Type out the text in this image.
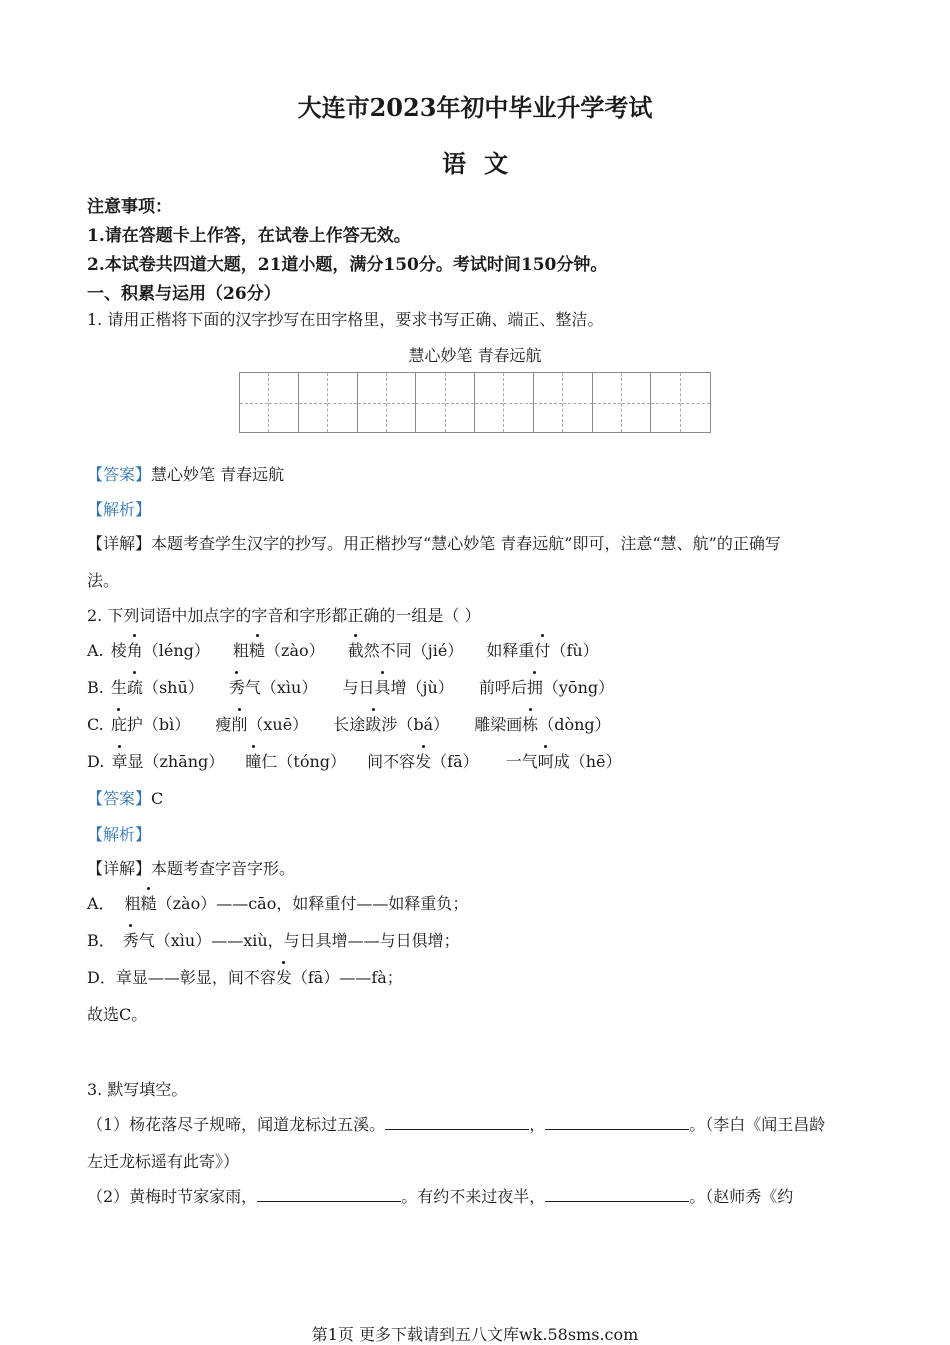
大连市2023年初中毕业升学考试
语文
注意事项：
1.请在答题卡上作答，在试卷上作答无效。
2.本试卷共四道大题，21道小题，满分150分。考试时间150分钟。
一、积累与运用（26分）
1. 请用正楷将下面的汉字抄写在田字格里，要求书写正确、端正、整洁。
慧心妙笔 青春远航
【答案】慧心妙笔 青春远航
【解析】
【详解】本题考查学生汉字的抄写。用正楷抄写“慧心妙笔 青春远航”即可，注意“慧、航”的正确写
法。
2. 下列词语中加点字的字音和字形都正确的一组是（ ）
A. 棱角（léng） 粗糙（zào） 截然不同（jié） 如释重付（fù）
B. 生疏（shū） 秀气（xìu） 与日具增（jù） 前呼后拥（yōng）
C. 庇护（bì） 瘦削（xuē） 长途跋涉（bá） 雕梁画栋（dòng）
D. 章显（zhāng） 瞳仁（tóng） 间不容发（fā） 一气呵成（hē）
【答案】C
【解析】
【详解】本题考查字音字形。
A． 粗糙（zào）——cāo，如释重付——如释重负；
B． 秀气（xìu）——xiù，与日具增——与日俱增；
D．章显——彰显，间不容发（fā）——fà；
故选C。
3. 默写填空。
（1）杨花落尽子规啼，闻道龙标过五溪。	，	。（李白《闻王昌龄
左迁龙标遥有此寄》）
（2）黄梅时节家家雨，	。有约不来过夜半，	。（赵师秀《约
第1页 更多下载请到五八文库wk.58sms.com
